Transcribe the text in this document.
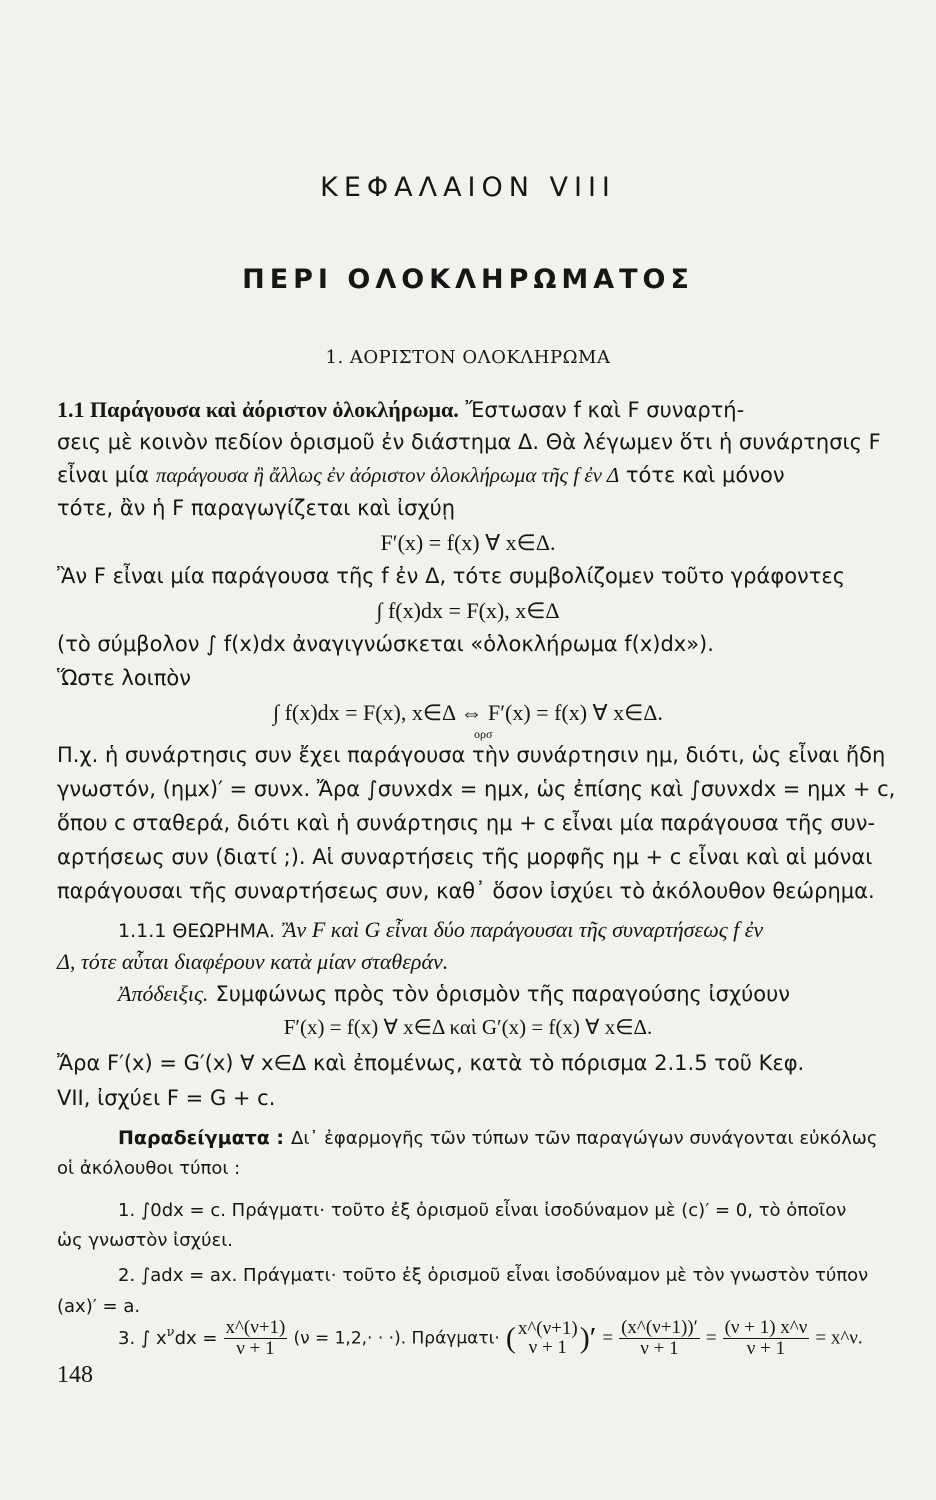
ΚΕΦΑΛΑΙΟΝ VIII
ΠΕΡΙ ΟΛΟΚΛΗΡΩΜΑΤΟΣ
1. ΑΟΡΙΣΤΟΝ ΟΛΟΚΛΗΡΩΜΑ
1.1 Παράγουσα καὶ ἀόριστον ὁλοκλήρωμα. Ἔστωσαν f καὶ F συναρτή-
σεις μὲ κοινὸν πεδίον ὁρισμοῦ ἐν διάστημα Δ. Θὰ λέγωμεν ὅτι ἡ συνάρτησις F
εἶναι μία παράγουσα ἢ ἄλλως ἐν ἀόριστον ὁλοκλήρωμα τῆς f ἐν Δ τότε καὶ μόνον
τότε, ἂν ἡ F παραγωγίζεται καὶ ἰσχύῃ
F′(x) = f(x) ∀ x∈Δ.
Ἂν F εἶναι μία παράγουσα τῆς f ἐν Δ, τότε συμβολίζομεν τοῦτο γράφοντες
∫ f(x)dx = F(x), x∈Δ
(τὸ σύμβολον ∫ f(x)dx ἀναγιγνώσκεται «ὁλοκλήρωμα f(x)dx»).
Ὥστε λοιπὸν
∫ f(x)dx = F(x), x∈Δ ⇔ F′(x) = f(x) ∀ x∈Δ.
ορσ
Π.χ. ἡ συνάρτησις συν ἔχει παράγουσα τὴν συνάρτησιν ημ, διότι, ὡς εἶναι ἤδη
γνωστόν, (ημx)′ = συνx. Ἄρα ∫συνxdx = ημx, ὡς ἐπίσης καὶ ∫συνxdx = ημx + c,
ὅπου c σταθερά, διότι καὶ ἡ συνάρτησις ημ + c εἶναι μία παράγουσα τῆς συν-
αρτήσεως συν (διατί ;). Αἱ συναρτήσεις τῆς μορφῆς ημ + c εἶναι καὶ αἱ μόναι
παράγουσαι τῆς συναρτήσεως συν, καθ᾽ ὅσον ἰσχύει τὸ ἀκόλουθον θεώρημα.
1.1.1 ΘΕΩΡΗΜΑ. Ἂν F καὶ G εἶναι δύο παράγουσαι τῆς συναρτήσεως f ἐν
Δ, τότε αὗται διαφέρουν κατὰ μίαν σταθεράν.
Ἀπόδειξις. Συμφώνως πρὸς τὸν ὁρισμὸν τῆς παραγούσης ἰσχύουν
F′(x) = f(x) ∀ x∈Δ καὶ G′(x) = f(x) ∀ x∈Δ.
Ἄρα F′(x) = G′(x) ∀ x∈Δ καὶ ἐπομένως, κατὰ τὸ πόρισμα 2.1.5 τοῦ Κεφ.
VII, ἰσχύει F = G + c.
Παραδείγματα : Δι᾽ ἐφαρμογῆς τῶν τύπων τῶν παραγώγων συνάγονται εὐκόλως
οἱ ἀκόλουθοι τύποι :
1. ∫0dx = c. Πράγματι· τοῦτο ἐξ ὁρισμοῦ εἶναι ἰσοδύναμον μὲ (c)′ = 0, τὸ ὁποῖον
ὡς γνωστὸν ἰσχύει.
2. ∫adx = ax. Πράγματι· τοῦτο ἐξ ὁρισμοῦ εἶναι ἰσοδύναμον μὲ τὸν γνωστὸν τύπον
(ax)′ = a.
3. ∫ $x^\nu dx = \frac{x\^{}(\nu+1)}{\nu + 1} (\nu = 1,2,\cdot$ · ·). Πράγματι· ( x^(ν+1)
ν + 1 )′ = $\frac{(x\^{}(\nu+1))'}{\nu + 1} = \frac{(\nu + 1) x\^{}\nu}{\nu + 1}$ = x^ν.
148
